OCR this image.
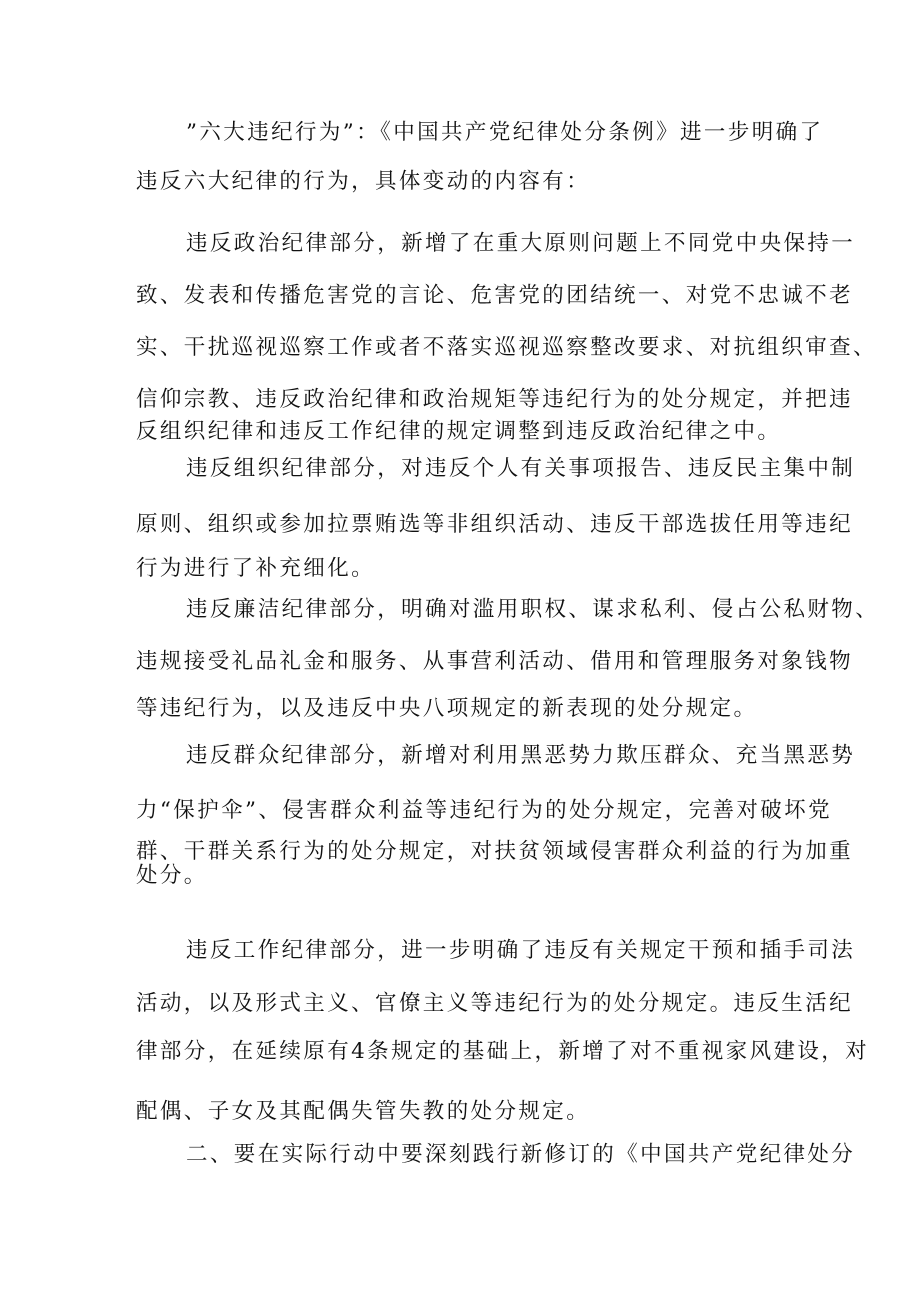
”六大违纪行为”：《中国共产党纪律处分条例》进一步明确了
违反六大纪律的行为，具体变动的内容有：
违反政治纪律部分，新增了在重大原则问题上不同党中央保持一
致、发表和传播危害党的言论、危害党的团结统一、对党不忠诚不老
实、干扰巡视巡察工作或者不落实巡视巡察整改要求、对抗组织审查、
信仰宗教、违反政治纪律和政治规矩等违纪行为的处分规定，并把违
反组织纪律和违反工作纪律的规定调整到违反政治纪律之中。
违反组织纪律部分，对违反个人有关事项报告、违反民主集中制
原则、组织或参加拉票贿选等非组织活动、违反干部选拔任用等违纪
行为进行了补充细化。
违反廉洁纪律部分，明确对滥用职权、谋求私利、侵占公私财物、
违规接受礼品礼金和服务、从事营利活动、借用和管理服务对象钱物
等违纪行为，以及违反中央八项规定的新表现的处分规定。
违反群众纪律部分，新增对利用黑恶势力欺压群众、充当黑恶势
力“保护伞”、侵害群众利益等违纪行为的处分规定，完善对破坏党
群、干群关系行为的处分规定，对扶贫领域侵害群众利益的行为加重
处分。
违反工作纪律部分，进一步明确了违反有关规定干预和插手司法
活动，以及形式主义、官僚主义等违纪行为的处分规定。违反生活纪
律部分，在延续原有4条规定的基础上，新增了对不重视家风建设，对
配偶、子女及其配偶失管失教的处分规定。
二、要在实际行动中要深刻践行新修订的《中国共产党纪律处分
